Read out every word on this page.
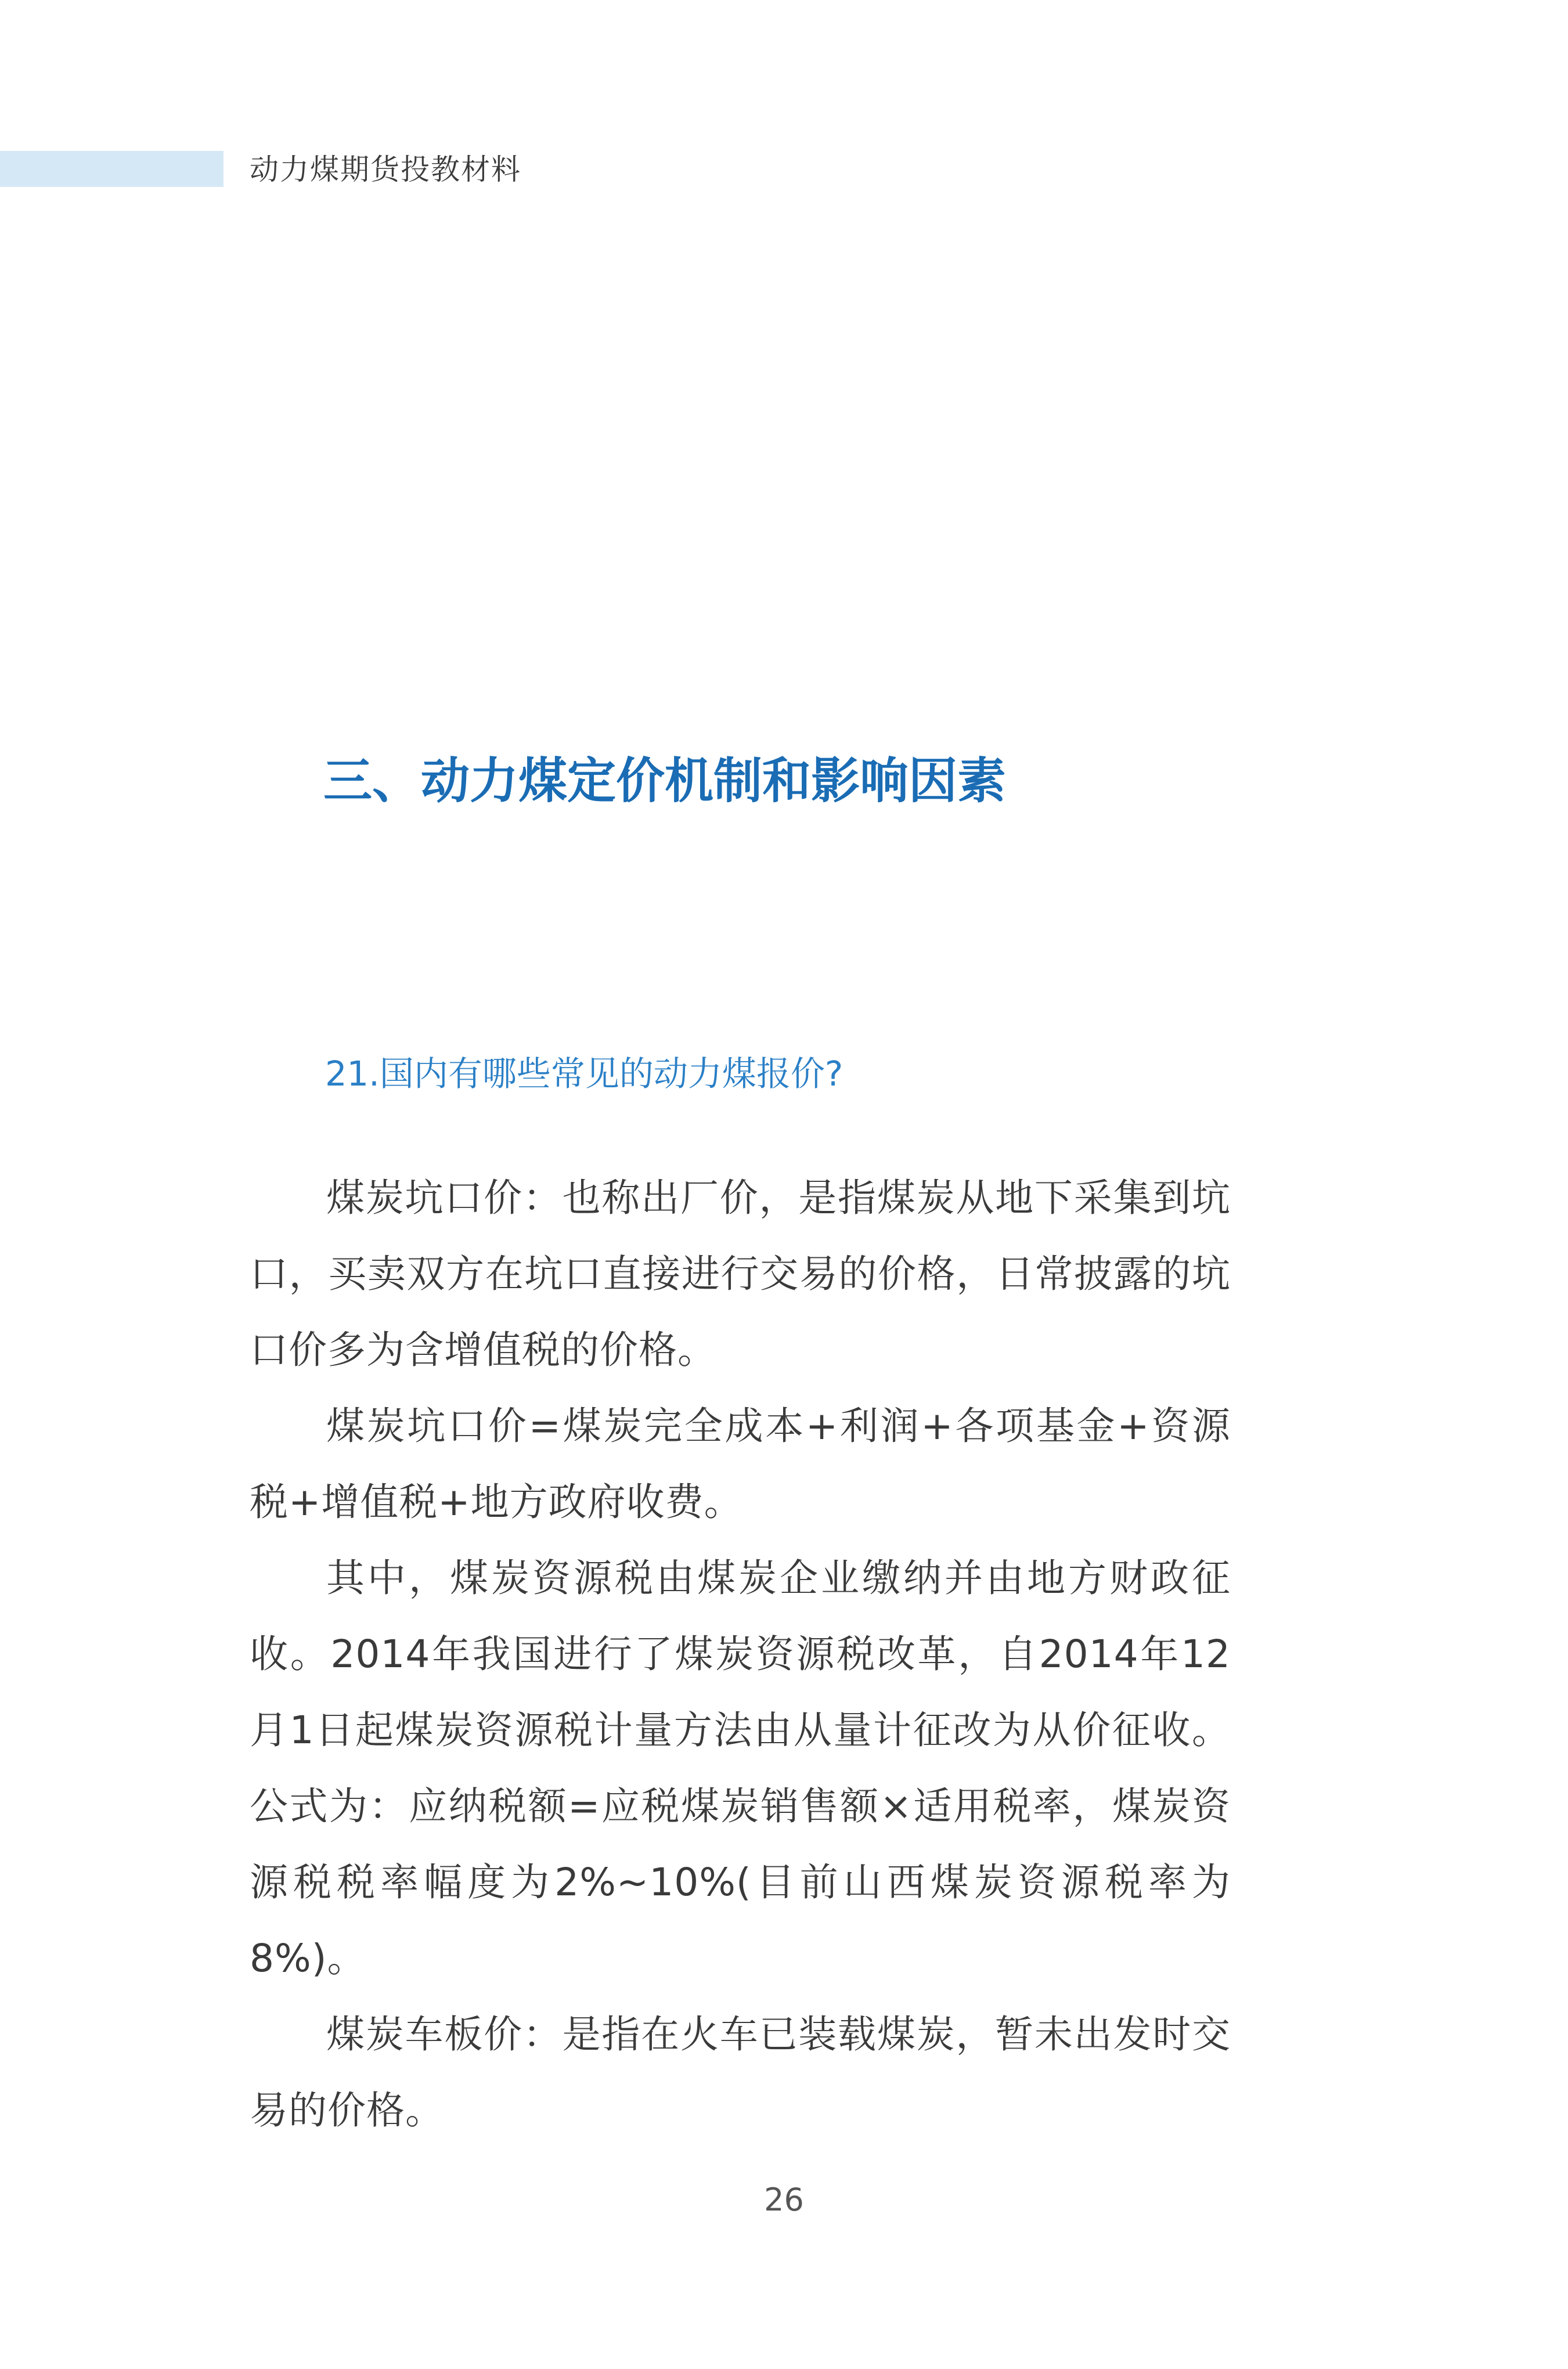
动力煤期货投教材料
三、动力煤定价机制和影响因素
21.国内有哪些常见的动力煤报价?

煤炭坑口价：也称出厂价，是指煤炭从地下采集到坑口，买卖双方在坑口直接进行交易的价格，日常披露的坑口价多为含增值税的价格。

煤炭坑口价=煤炭完全成本+利润+各项基金+资源税+增值税+地方政府收费。

其中，煤炭资源税由煤炭企业缴纳并由地方财政征收。2014年我国进行了煤炭资源税改革，自2014年12月1日起煤炭资源税计量方法由从量计征改为从价征收。公式为：应纳税额=应税煤炭销售额×适用税率，煤炭资源税税率幅度为2%~10%(目前山西煤炭资源税率为8%)。

煤炭车板价：是指在火车已装载煤炭，暂未出发时交易的价格。

26
